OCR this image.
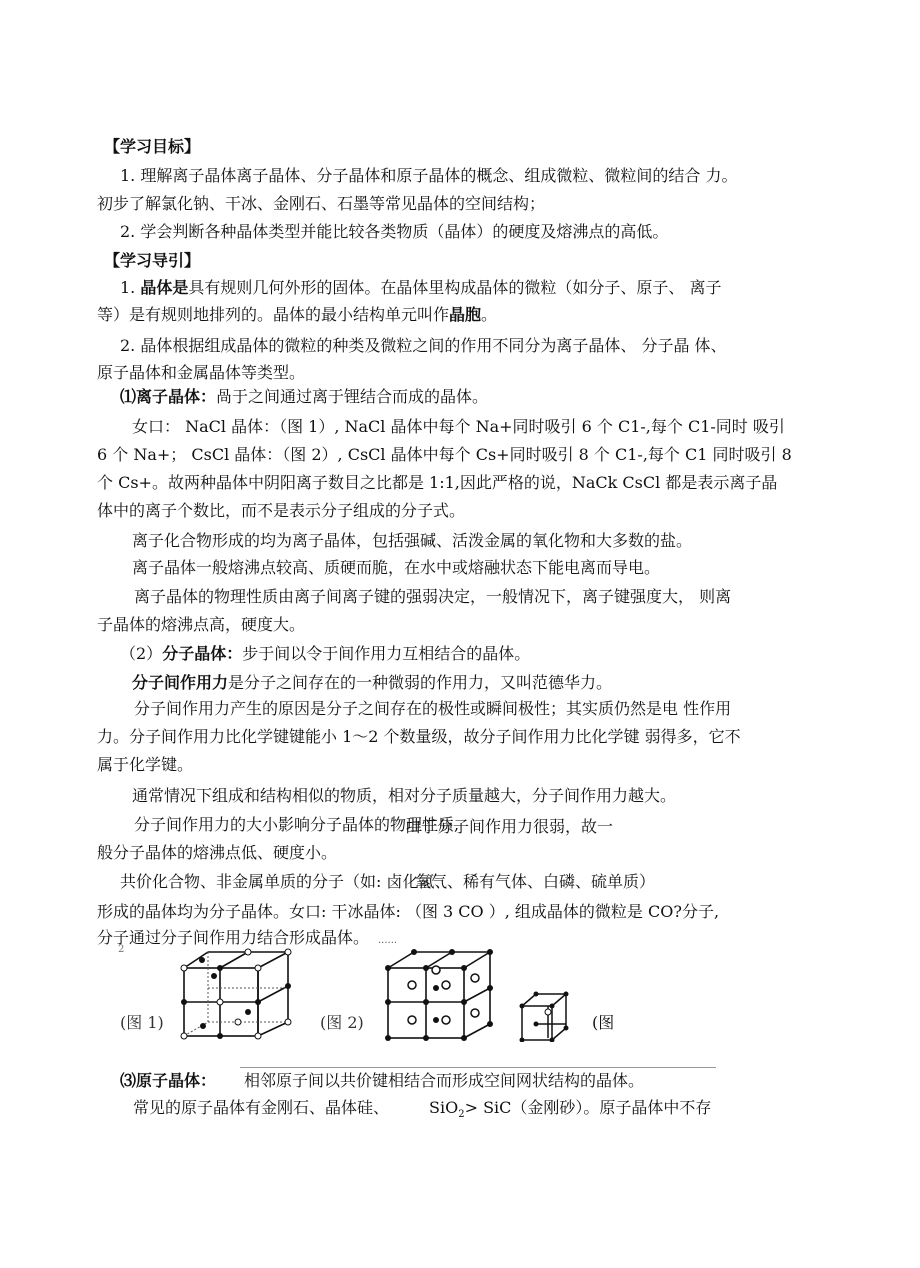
【学习目标】
1. 理解离子晶体离子晶体、分子晶体和原子晶体的概念、组成微粒、微粒间的结合 力。
初步了解氯化钠、干冰、金刚石、石墨等常见晶体的空间结构；
2. 学会判断各种晶体类型并能比较各类物质（晶体）的硬度及熔沸点的高低。
【学习导引】
1. 晶体是具有规则几何外形的固体。在晶体里构成晶体的微粒（如分子、原子、 离子
等）是有规则地排列的。晶体的最小结构单元叫作晶胞。
2. 晶体根据组成晶体的微粒的种类及微粒之间的作用不同分为离子晶体、 分子晶 体、
原子晶体和金属晶体等类型。
⑴离子晶体：咼于之间通过离于锂结合而成的晶体。
女口： NaCl 晶体：（图 1）, NaCl 晶体中每个 Na+同时吸引 6 个 C1-,每个 C1-同时 吸引
6 个 Na+； CsCl 晶体：（图 2）, CsCl 晶体中每个 Cs+同时吸引 8 个 C1-,每个 C1 同时吸引 8
个 Cs+。故两种晶体中阴阳离子数目之比都是 1:1,因此严格的说，NaCk CsCl 都是表示离子晶
体中的离子个数比，而不是表示分子组成的分子式。
离子化合物形成的均为离子晶体，包括强碱、活泼金属的氧化物和大多数的盐。
离子晶体一般熔沸点较高、质硬而脆，在水中或熔融状态下能电离而导电。
离子晶体的物理性质由离子间离子键的强弱决定，一般情况下，离子键强度大， 则离
子晶体的熔沸点高，硬度大。
（2）分子晶体：步于间以令于间作用力互相结合的晶体。
分子间作用力是分子之间存在的一种微弱的作用力，又叫范德华力。
分子间作用力产生的原因是分子之间存在的极性或瞬间极性；其实质仍然是电 性作用
力。分子间作用力比化学键键能小 1〜2 个数量级，故分子间作用力比化学键 弱得多，它不
属于化学键。
通常情况下组成和结构相似的物质，相对分子质量越大，分子间作用力越大。
分子间作用力的大小影响分子晶体的物理性质,
由于分子间作用力很弱，故一
般分子晶体的熔沸点低、硬度小。
共价化合物、非金属单质的分子（如: 卤化氢、
氧气、稀有气体、白磷、硫单质）
形成的晶体均为分子晶体。女口: 干冰晶体: （图 3 CO ）, 组成晶体的微粒是 CO?分子,
分子通过分子间作用力结合形成晶体。 ......
2
(图 1)	(图 2)	(图
⑶原子晶体： 相邻原子间以共价键相结合而形成空间网状结构的晶体。
常见的原子晶体有金刚石、晶体硅、	SiO$_2$> SiC（金刚砂）。原子晶体中不存
